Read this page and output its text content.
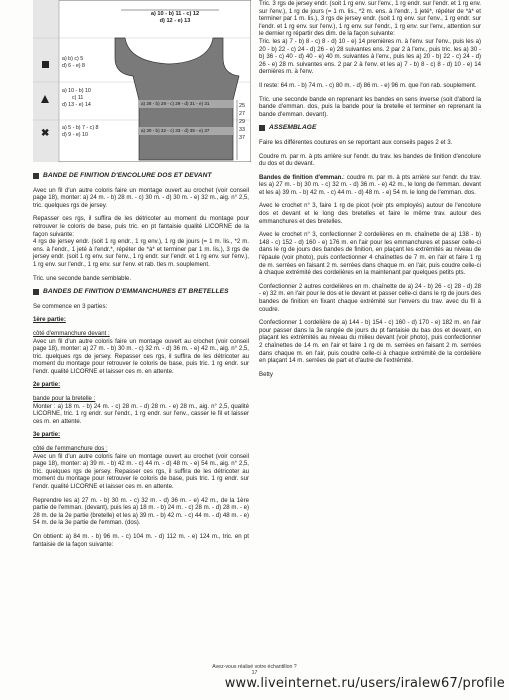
✖
a) 10 - b) 11 - c) 12
d) 12 - e) 13
a) b) c) 5
d) 6 - e) 8
a) 10 - b) 10
c) 11
d) 13 - e) 14
a) 5 - b) 7 - c) 8
d) 9 - e) 10
a) 28 - b) 28 - c) 29 - d) 31 - e) 31
a) 30 - b) 32 - c) 33 - d) 35 - e) 37
25
27
29
33
37
BANDE DE FINITION D'ENCOLURE DOS ET DEVANT

Avec un fil d'un autre coloris faire un montage ouvert au crochet (voir conseil page 18), monter: a) 24 m. - b) 28 m. - c) 30 m. - d) 30 m. - e) 32 m., aig. n° 2,5, tric. quelques rgs de jersey.

Repasser ces rgs, il suffira de les détricoter au moment du montage pour retrouver le coloris de base, puis tric. en pt fantaisie qualité LICORNE de la façon suivante:

4 rgs de jersey endr. (soit 1 rg endr., 1 rg env.), 1 rg de jours (= 1 m. lis., *2 m. ens. à l'endr., 1 jeté à l'endr.*, répéter de *à* et terminer par 1 m. lis.), 3 rgs de jersey endr. (soit 1 rg env. sur l'env., 1 rg endr. sur l'endr. et 1 rg env. sur l'env.), 1 rg env. sur l'endr., 1 rg env. sur l'env. et rab. tles m. souplement.

Tric. une seconde bande semblable.

BANDES DE FINITION D'EMMANCHURES ET BRETELLES

Se commence en 3 parties:

1ère partie:

côté d'emmanchure devant :

Avec un fil d'un autre coloris faire un montage ouvert au crochet (voir conseil page 18), monter: a) 27 m. - b) 30 m. - c) 32 m. - d) 36 m. - e) 42 m., aig. n° 2,5, tric. quelques rgs de jersey. Repasser ces rgs, il suffira de les détricoter au moment du montage pour retrouver le coloris de base, puis tric. 1 rg endr. sur l'endr. qualité LICORNE et laisser ces m. en attente.

2e partie:

bande pour la bretelle :

Monter : a) 18 m. - b) 24 m. - c) 28 m. - d) 28 m. - e) 28 m., aig. n° 2,5, qualité LICORNE, tric. 1 rg endr. sur l'endr., 1 rg endr. sur l'env., casser le fil et laisser ces m. en attente.

3e partie:

côté de l'emmanchure dos :

Avec un fil d'un autre coloris faire un montage ouvert au crochet (voir conseil page 18), monter: a) 39 m. - b) 42 m. - c) 44 m. - d) 48 m. - e) 54 m., aig. n° 2,5, tric. quelques rgs de jersey. Repasser ces rgs, il suffira de les détricoter au moment du montage pour retrouver le coloris de base, puis tric. 1 rg endr. sur l'endr. qualité LICORNE et laisser ces m. en attente.

Reprendre les a) 27 m. - b) 30 m. - c) 32 m. - d) 36 m. - e) 42 m., de la 1ère partie de l'emman. (devant), puis les a) 18 m. - b) 24 m. - c) 28 m. - d) 28 m. - e) 28 m. de la 2e partie (bretelle) et les a) 39 m. - b) 42 m. - c) 44 m. - d) 48 m. - e) 54 m. de la 3e partie de l'emman. (dos).

On obtient: a) 84 m. - b) 96 m. - c) 104 m. - d) 112 m. - e) 124 m., tric. en pt fantaisie de la façon suivante:

Tric. 3 rgs de jersey endr. (soit 1 rg env. sur l'env., 1 rg endr. sur l'endr. et 1 rg env. sur l'env.), 1 rg de jours (= 1 m. lis., *2 m. ens. à l'endr., 1 jeté*, répéter de *à* et terminer par 1 m. lis.), 3 rgs de jersey endr. (soit 1 rg env. sur l'env., 1 rg endr. sur l'endr. et 1 rg env. sur l'env.), 1 rg env. sur l'endr., 1 rg env. sur l'env., attention sur le dernier rg répartir des dim. de la façon suivante:

Tric. les a) 7 - b) 8 - c) 8 - d) 10 - e) 14 premières m. à l'env. sur l'env., puis les a) 20 - b) 22 - c) 24 - d) 26 - e) 28 suivantes ens. 2 par 2 à l'env., puis tric. les a) 30 - b) 36 - c) 40 - d) 40 - e) 40 m. suivantes à l'env., puis les a) 20 - b) 22 - c) 24 - d) 26 - e) 28 m. suivantes ens. 2 par 2 à l'env. et les a) 7 - b) 8 - c) 8 - d) 10 - e) 14 dernières m. à l'env.

Il reste: 64 m. - b) 74 m. - c) 80 m. - d) 86 m. - e) 96 m. que l'on rab. souplement.

Tric. une seconde bande en reprenant les bandes en sens inverse (soit d'abord la bande d'emman. dos, puis la bande pour la bretelle et terminer en reprenant la bande d'emman. devant).

ASSEMBLAGE

Faire les différentes coutures en se reportant aux conseils pages 2 et 3.

Coudre m. par m. à pts arrière sur l'endr. du trav. les bandes de finition d'encolure du dos et du devant.

Bandes de finition d'emman.: coudre m. par m. à pts arrière sur l'endr. du trav. les a) 27 m. - b) 30 m. - c) 32 m. - d) 36 m. - e) 42 m., le long de l'emman. devant et les a) 39 m. - b) 42 m. - c) 44 m. - d) 48 m. - e) 54 m. le long de l'emman. dos.

Avec le crochet n° 3, faire 1 rg de picot (voir pts employés) autour de l'encolure dos et devant et le long des bretelles et faire le même trav. autour des emmanchures et des bretelles.

Avec le crochet n° 3, confectionner 2 cordelières en m. chaînette de a) 138 - b) 148 - c) 152 - d) 160 - e) 176 m. en l'air pour les emmanchures et passer celle-ci dans le rg de jours des bandes de finition, en plaçant les extrémités au niveau de l'épaule (voir photo), puis confectionner 4 chaînettes de 7 m. en l'air et faire 1 rg de m. serrées en faisant 2 m. serrées dans chaque m. en l'air, puis coudre celle-ci à chaque extrémité des cordelières en la maintenant par quelques petits pts.

Confectionner 2 autres cordelières en m. chaînette de a) 24 - b) 26 - c) 28 - d) 28 - e) 32 m. en l'air pour le dos et le devant et passer celle-ci dans le rg de jours des bandes de finition en fixant chaque extrémité sur l'envers du trav. avec du fil à coudre.

Confectionner 1 cordelière de a) 144 - b) 154 - c) 160 - d) 170 - e) 182 m. en l'air pour passer dans la 3e rangée de jours du pt fantaisie du bas dos et devant, en plaçant les extrémités au niveau du milieu devant (voir photo), puis confectionner 2 chaînettes de 14 m. en l'air et faire 1 rg de m. serrées en faisant 2 m. serrées dans chaque m. en l'air, puis coudre celle-ci à chaque extrémité de la cordelière en plaçant 14 m. serrées de part et d'autre de l'extrémité.

Betty

Avez-vous réalisé votre échantillon ?
17
www.liveinternet.ru/users/iralew67/profile
